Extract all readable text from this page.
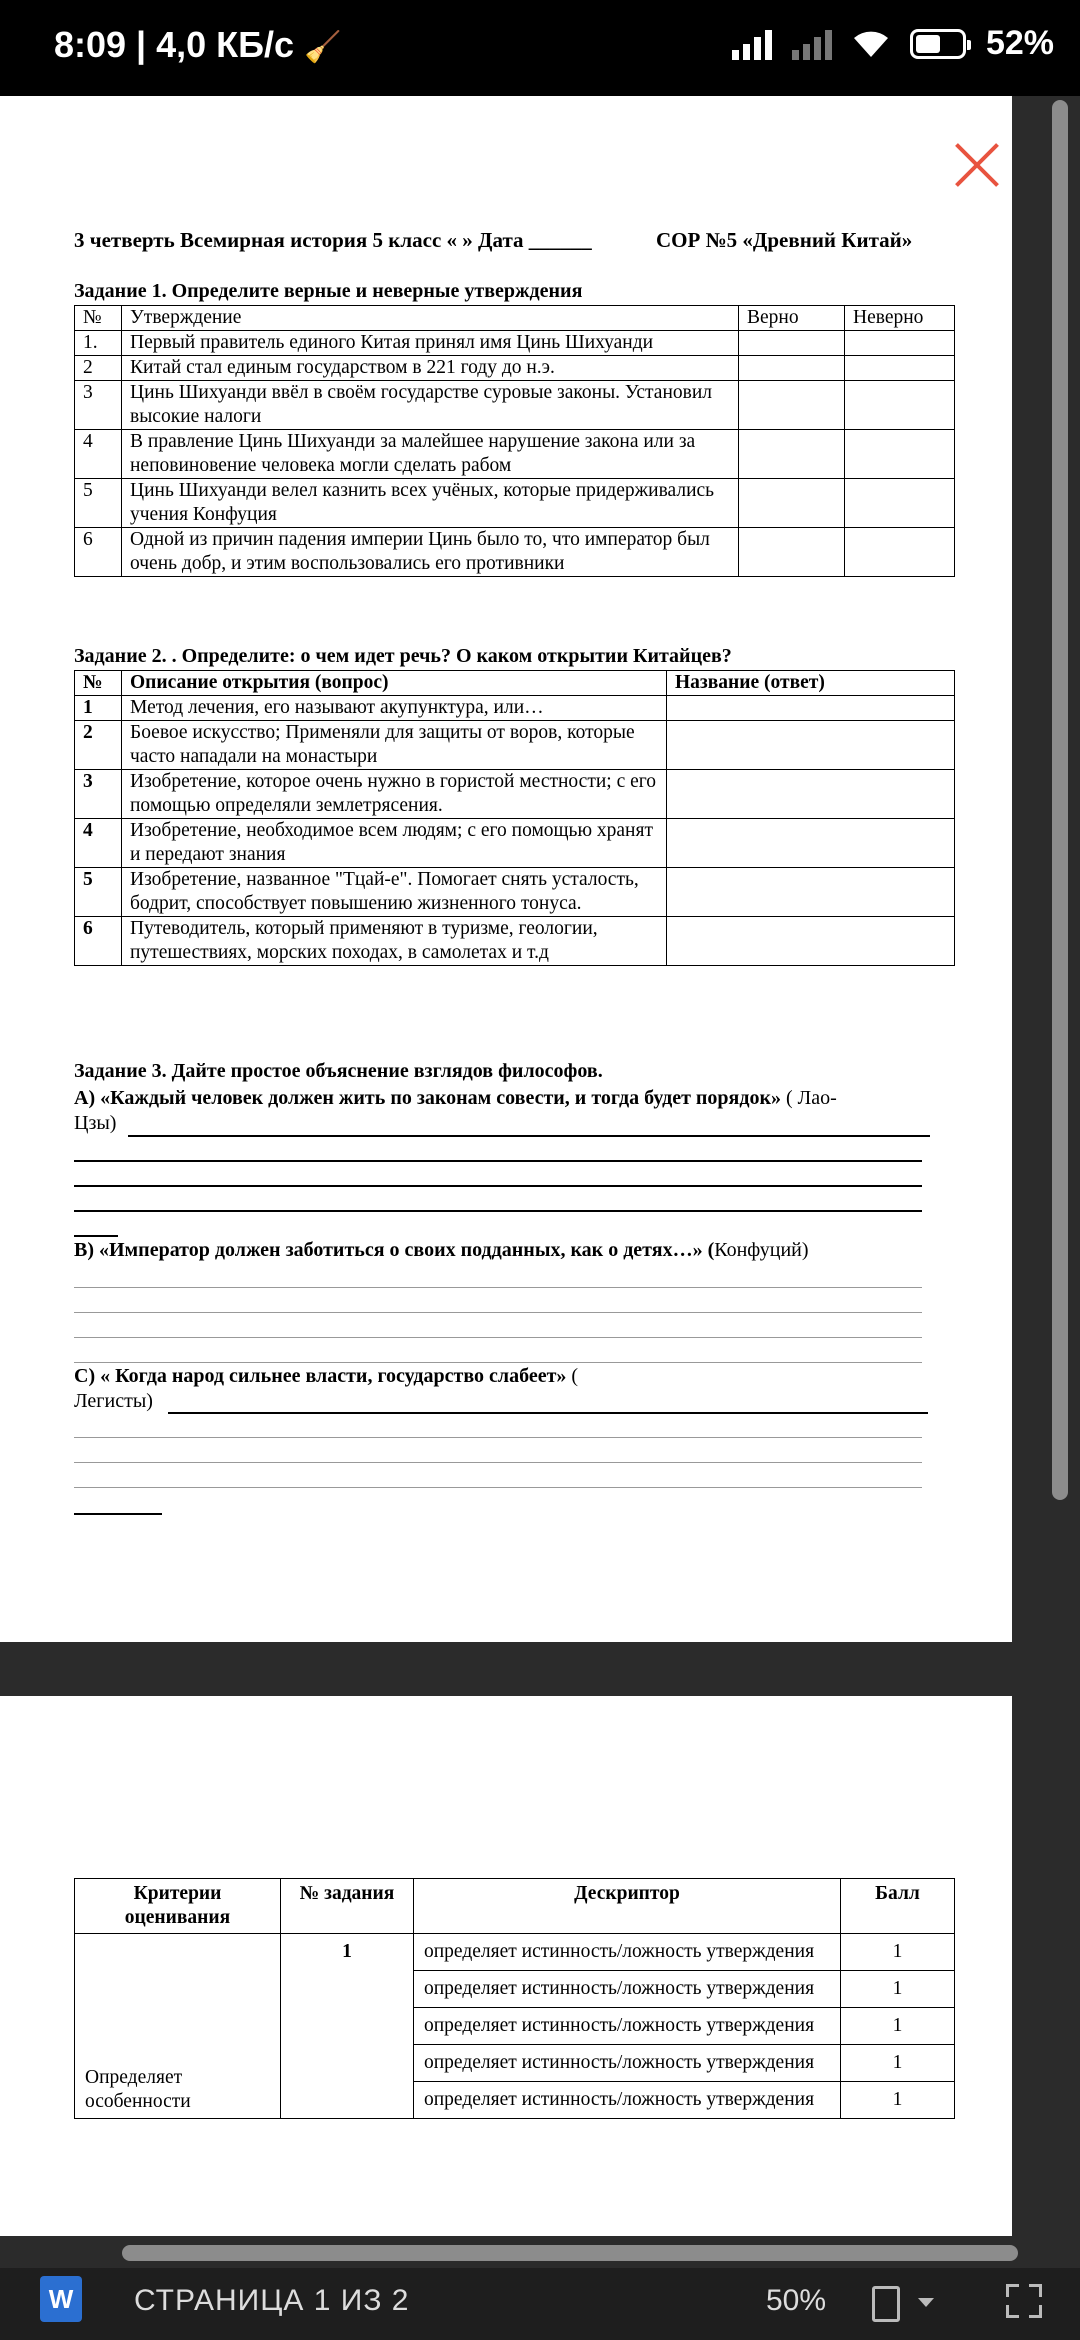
8:09 | 4,0 КБ/с 🧹	52%
3 четверть Всемирная история 5 класс « » Дата ______	СОР №5 «Древний Китай»
Задание 1. Определите верные и неверные утверждения
№	Утверждение	Верно	Неверно
1.	Первый правитель единого Китая принял имя Цинь Шихуанди		
2	Китай стал единым государством в 221 году до н.э.		
3	Цинь Шихуанди ввёл в своём государстве суровые законы. Установил высокие налоги		
4	В правление Цинь Шихуанди за малейшее нарушение закона или за неповиновение человека могли сделать рабом		
5	Цинь Шихуанди велел казнить всех учёных, которые придерживались учения Конфуция		
6	Одной из причин падения империи Цинь было то, что император был очень добр, и этим воспользовались его противники		
Задание 2. . Определите: о чем идет речь? О каком открытии Китайцев?
№	Описание открытия (вопрос)	Название (ответ)
1	Метод лечения, его называют акупунктура, или…	
2	Боевое искусство; Применяли для защиты от воров, которые часто нападали на монастыри	
3	Изобретение, которое очень нужно в гористой местности; с его помощью определяли землетрясения.	
4	Изобретение, необходимое всем людям; с его помощью хранят и передают знания	
5	Изобретение, названное "Тцай-е". Помогает снять усталость, бодрит, способствует повышению жизненного тонуса.	
6	Путеводитель, который применяют в туризме, геологии, путешествиях, морских походах, в самолетах и т.д	
Задание 3. Дайте простое объяснение взглядов философов.
А) «Каждый человек должен жить по законам совести, и тогда будет порядок» ( Лао-
Цзы)
В) «Император должен заботиться о своих подданных, как о детях…» (Конфуций)
С) « Когда народ сильнее власти, государство слабеет» (
Легисты)
Критерии оценивания	№ задания	Дескриптор	Балл
Определяет особенности	1	определяет истинность/ложность утверждения	1
		определяет истинность/ложность утверждения	1
		определяет истинность/ложность утверждения	1
		определяет истинность/ложность утверждения	1
		определяет истинность/ложность утверждения	1
W СТРАНИЦА 1 ИЗ 2	50%
